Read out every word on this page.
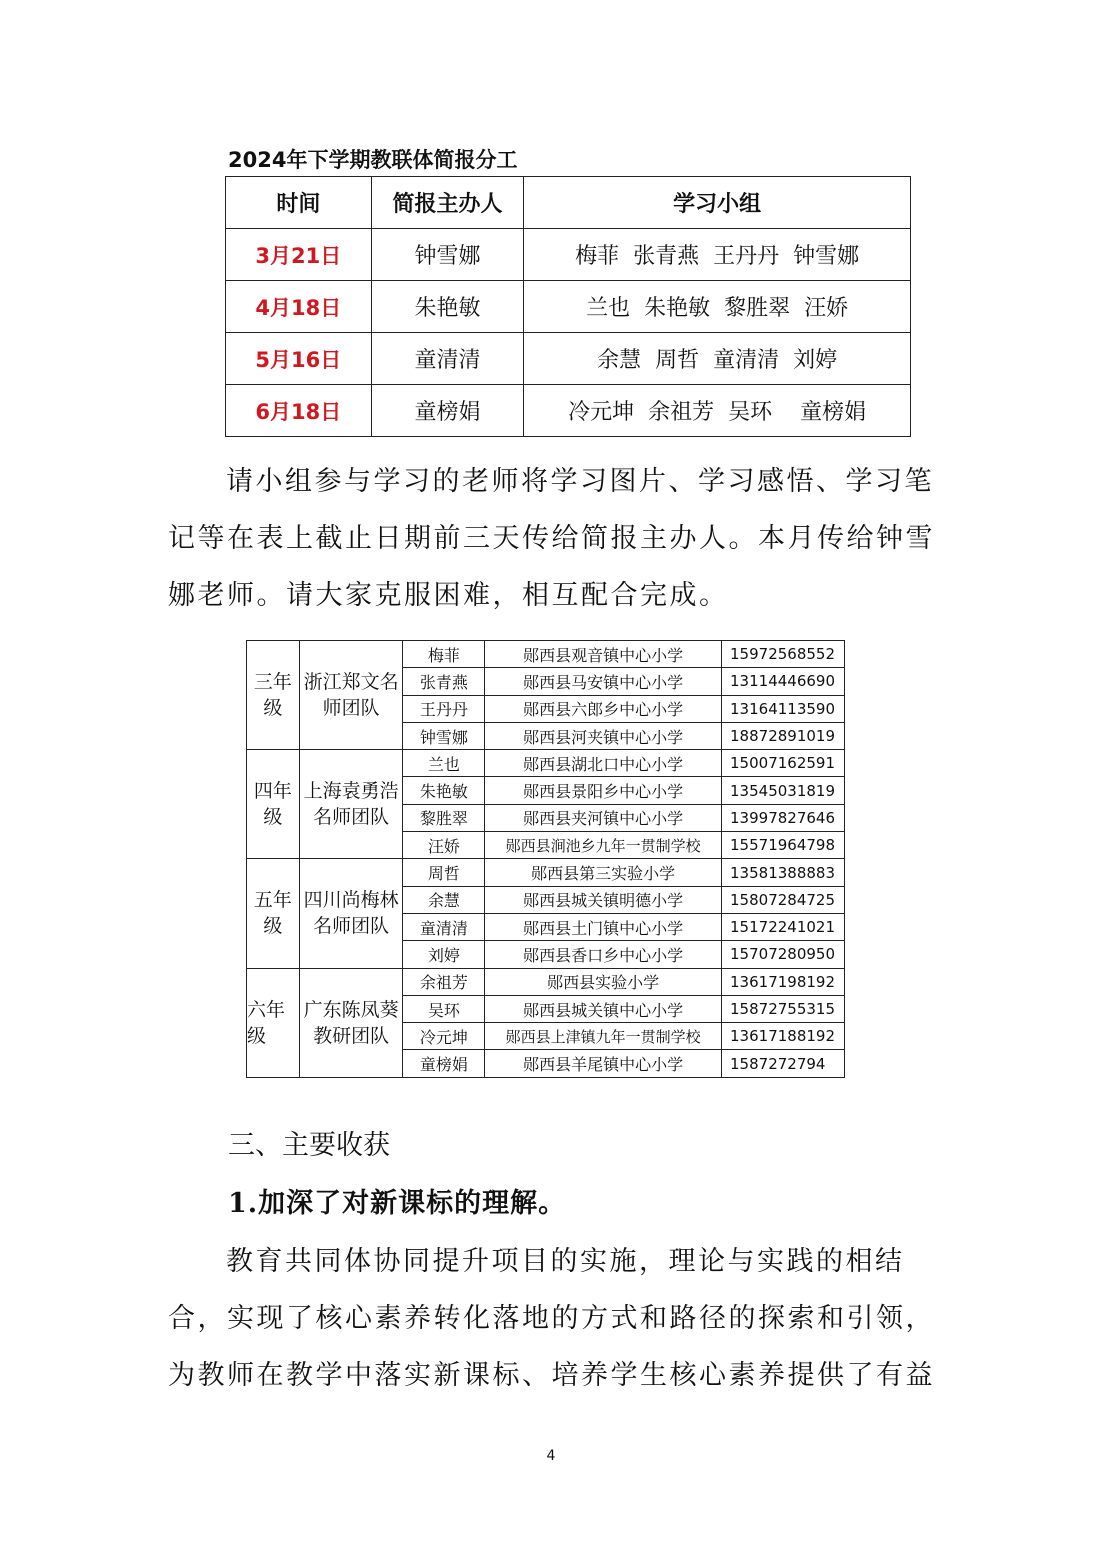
2024年下学期教联体简报分工
时间	简报主办人	学习小组
3月21日	钟雪娜	梅菲  张青燕  王丹丹  钟雪娜
4月18日	朱艳敏	兰也  朱艳敏  黎胜翠  汪娇
5月16日	童清清	余慧  周哲  童清清  刘婷
6月18日	童榜娟	冷元坤  余祖芳  吴环    童榜娟
请小组参与学习的老师将学习图片、学习感悟、学习笔记等在表上截止日期前三天传给简报主办人。本月传给钟雪娜老师。请大家克服困难，相互配合完成。
三年级	浙江郑文名师团队	梅菲	郧西县观音镇中心小学	15972568552
		张青燕	郧西县马安镇中心小学	13114446690
		王丹丹	郧西县六郎乡中心小学	13164113590
		钟雪娜	郧西县河夹镇中心小学	18872891019
四年级	上海袁勇浩名师团队	兰也	郧西县湖北口中心小学	15007162591
		朱艳敏	郧西县景阳乡中心小学	13545031819
		黎胜翠	郧西县夹河镇中心小学	13997827646
		汪娇	郧西县涧池乡九年一贯制学校	15571964798
五年级	四川尚梅林名师团队	周哲	郧西县第三实验小学	13581388883
		余慧	郧西县城关镇明德小学	15807284725
		童清清	郧西县土门镇中心小学	15172241021
		刘婷	郧西县香口乡中心小学	15707280950
六年级	广东陈凤葵教研团队	余祖芳	郧西县实验小学	13617198192
		吴环	郧西县城关镇中心小学	15872755315
		冷元坤	郧西县上津镇九年一贯制学校	13617188192
		童榜娟	郧西县羊尾镇中心小学	1587272794
三、主要收获
1.加深了对新课标的理解。
教育共同体协同提升项目的实施，理论与实践的相结合，实现了核心素养转化落地的方式和路径的探索和引领，为教师在教学中落实新课标、培养学生核心素养提供了有益
4
